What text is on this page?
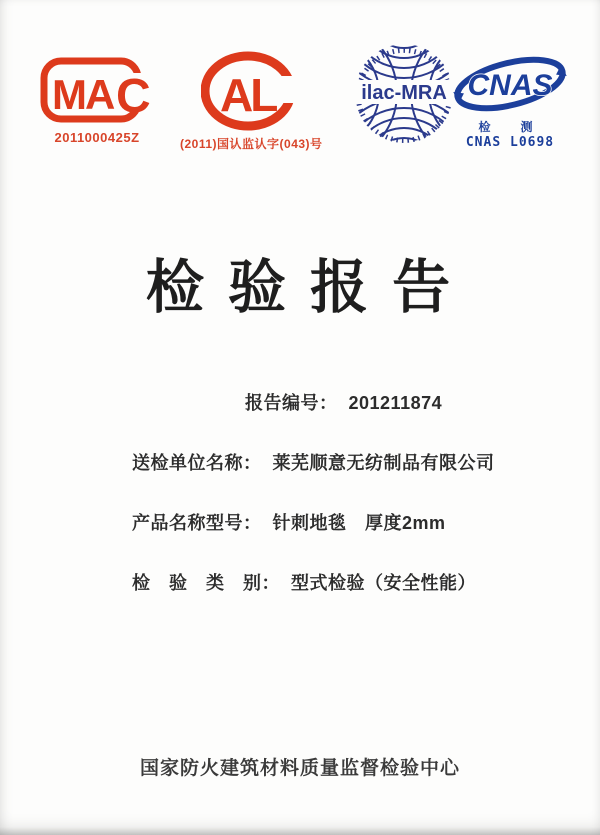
MA C
2011000425Z
AL
(2011)国认监认字(043)号
ilac-MRA CNAS
检　测
CNAS L0698
检 验 报 告

报告编号： 201211874

送检单位名称： 莱芜顺意无纺制品有限公司

产品名称型号： 针刺地毯　厚度2mm

检　验　类　别： 型式检验（安全性能）

国家防火建筑材料质量监督检验中心
